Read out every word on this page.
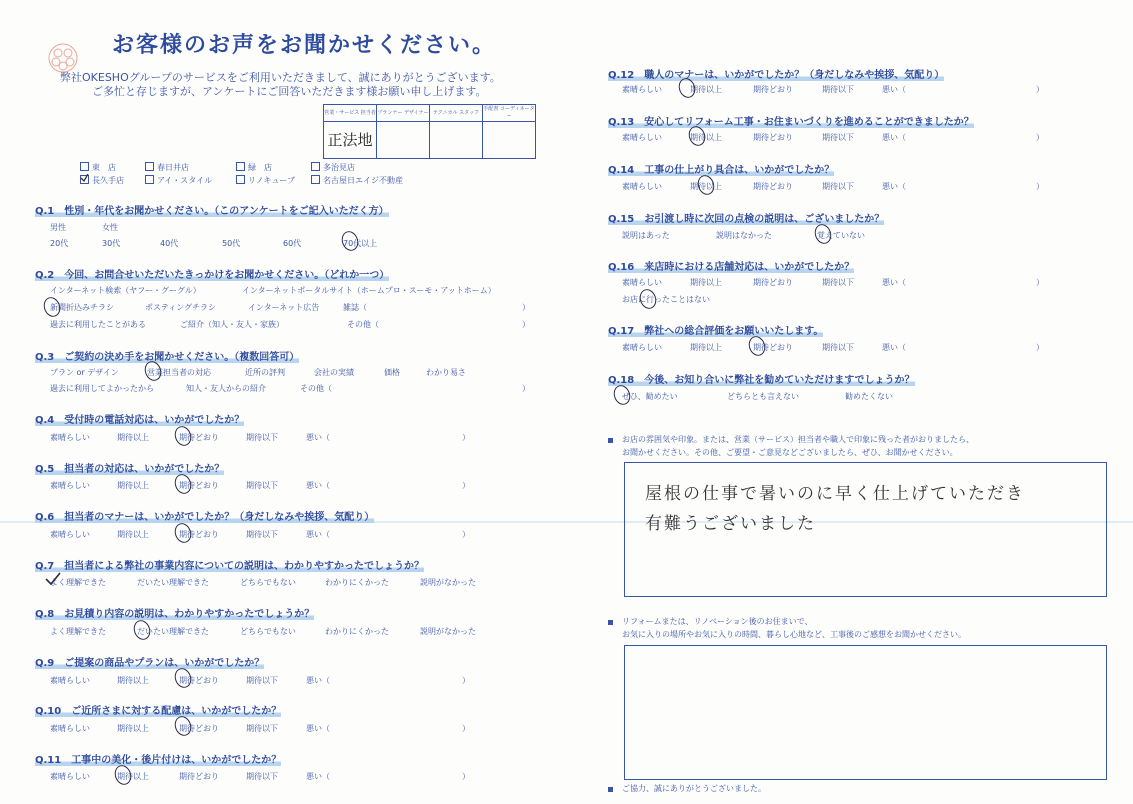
お客様のお声をお聞かせください。
弊社OKESHOグループのサービスをご利用いただきまして、誠にありがとうございます。
ご多忙と存じますが、アンケートにご回答いただきます様お願い申し上げます。
営業・サービス 担当者	プランナー デザイナー	テクニカル スタッフ	手配書 コーディネーター
正法地			
東　店	春日井店	緑　店	多治見店
長久手店	アイ・スタイル	リノキューブ	名古屋日エイジ不動産
Q.1　性別・年代をお聞かせください。（このアンケートをご記入いただく方）
男性	女性
20代	30代	40代	50代	60代	70代以上
Q.2　今回、お問合せいただいたきっかけをお聞かせください。（どれか一つ）
インターネット検索（ヤフー・グーグル）	インターネットポータルサイト（ホームプロ・スーモ・アットホーム）
新聞折込みチラシ	ポスティングチラシ	インターネット広告	雑誌（	）
過去に利用したことがある	ご紹介（知人・友人・家族）	その他（	）
Q.3　ご契約の決め手をお聞かせください。（複数回答可）
プラン or デザイン	営業担当者の対応	近所の評判	会社の実績	価格	わかり易さ
過去に利用してよかったから	知人・友人からの紹介	その他（	）
Q.4　受付時の電話対応は、いかがでしたか？
素晴らしい	期待以上	期待どおり	期待以下	悪い（	）
Q.5　担当者の対応は、いかがでしたか？
素晴らしい	期待以上	期待どおり	期待以下	悪い（	）
Q.6　担当者のマナーは、いかがでしたか？（身だしなみや挨拶、気配り）
素晴らしい	期待以上	期待どおり	期待以下	悪い（	）
Q.7　担当者による弊社の事業内容についての説明は、わかりやすかったでしょうか？
よく理解できた	だいたい理解できた	どちらでもない	わかりにくかった	説明がなかった
Q.8　お見積り内容の説明は、わかりやすかったでしょうか？
よく理解できた	だいたい理解できた	どちらでもない	わかりにくかった	説明がなかった
Q.9　ご提案の商品やプランは、いかがでしたか？
素晴らしい	期待以上	期待どおり	期待以下	悪い（	）
Q.10　ご近所さまに対する配慮は、いかがでしたか？
素晴らしい	期待以上	期待どおり	期待以下	悪い（	）
Q.11　工事中の美化・後片付けは、いかがでしたか？
素晴らしい	期待以上	期待どおり	期待以下	悪い（	）
Q.12　職人のマナーは、いかがでしたか？（身だしなみや挨拶、気配り）
素晴らしい	期待以上	期待どおり	期待以下	悪い（	）
Q.13　安心してリフォーム工事・お住まいづくりを進めることができましたか？
素晴らしい	期待以上	期待どおり	期待以下	悪い（	）
Q.14　工事の仕上がり具合は、いかがでしたか？
素晴らしい	期待以上	期待どおり	期待以下	悪い（	）
Q.15　お引渡し時に次回の点検の説明は、ございましたか？
説明はあった	説明はなかった	覚えていない
Q.16　来店時における店舗対応は、いかがでしたか？
素晴らしい	期待以上	期待どおり	期待以下	悪い（	）
お店に行ったことはない
Q.17　弊社への総合評価をお願いいたします。
素晴らしい	期待以上	期待どおり	期待以下	悪い（	）
Q.18　今後、お知り合いに弊社を勧めていただけますでしょうか？
ぜひ、勧めたい	どちらとも言えない	勧めたくない
お店の雰囲気や印象。または、営業（サービス）担当者や職人で印象に残った者がおりましたら、
お聞かせください。その他、ご要望・ご意見などございましたら、ぜひ、お聞かせください。
屋根の仕事で暑いのに早く仕上げていただき
有難うございました
リフォームまたは、リノベーション後のお住まいで、
お気に入りの場所やお気に入りの時間、暮らし心地など、工事後のご感想をお聞かせください。
ご協力、誠にありがとうございました。
